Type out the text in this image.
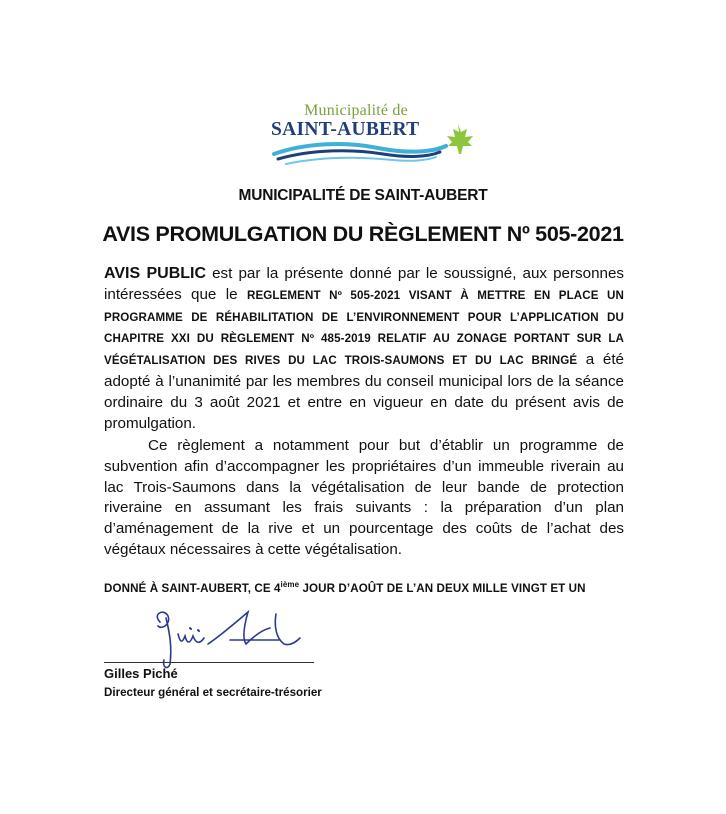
Municipalité de
SAINT-AUBERT
MUNICIPALITÉ DE SAINT-AUBERT
AVIS PROMULGATION DU RÈGLEMENT Nº 505-2021
AVIS PUBLIC est par la présente donné par le soussigné, aux personnes intéressées que le REGLEMENT Nº 505-2021 VISANT À METTRE EN PLACE UN PROGRAMME DE RÉHABILITATION DE L’ENVIRONNEMENT POUR L’APPLICATION DU CHAPITRE XXI DU RÈGLEMENT Nº 485-2019 RELATIF AU ZONAGE PORTANT SUR LA VÉGÉTALISATION DES RIVES DU LAC TROIS-SAUMONS ET DU LAC BRINGÉ a été adopté à l’unanimité par les membres du conseil municipal lors de la séance ordinaire du 3 août 2021 et entre en vigueur en date du présent avis de promulgation.
Ce règlement a notamment pour but d’établir un programme de subvention afin d’accompagner les propriétaires d’un immeuble riverain au lac Trois-Saumons dans la végétalisation de leur bande de protection riveraine en assumant les frais suivants : la préparation d’un plan d’aménagement de la rive et un pourcentage des coûts de l’achat des végétaux nécessaires à cette végétalisation.
DONNÉ À SAINT-AUBERT, CE 4ième JOUR D’AOÛT DE L’AN DEUX MILLE VINGT ET UN
Gilles Piché
Directeur général et secrétaire-trésorier
